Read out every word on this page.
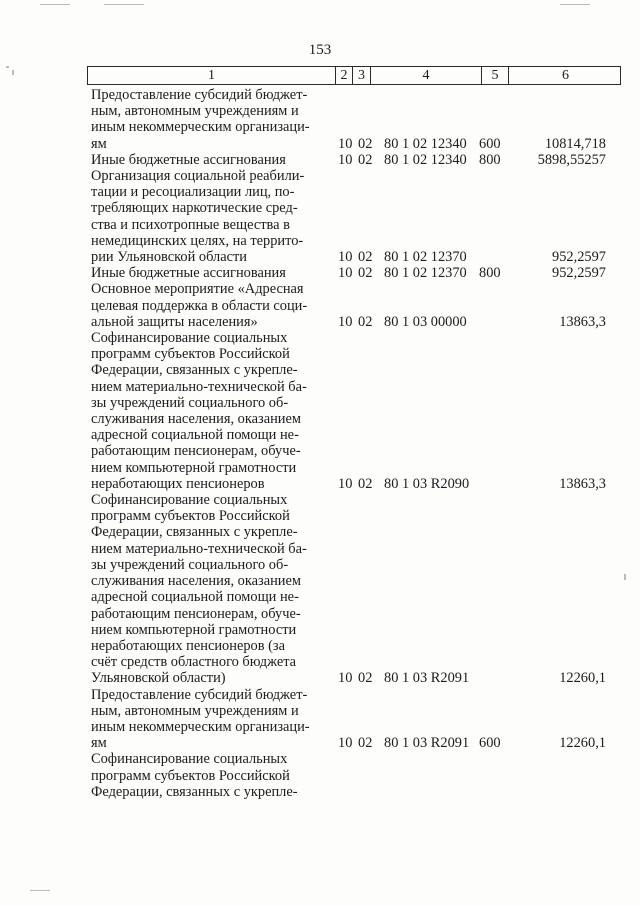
153
1	2 3	4	5	6
Предоставление субсидий бюджет-
ным, автономным учреждениям и
иным некоммерческим организаци-
ям	10 02 80 1 02 12340 600	10814,718
Иные бюджетные ассигнования	10 02 80 1 02 12340 800	5898,55257
Организация социальной реабили-
тации и ресоциализации лиц, по-
требляющих наркотические сред-
ства и психотропные вещества в
немедицинских целях, на террито-
рии Ульяновской области	10 02 80 1 02 12370	952,2597
Иные бюджетные ассигнования	10 02 80 1 02 12370 800	952,2597
Основное мероприятие «Адресная
целевая поддержка в области соци-
альной защиты населения»	10 02 80 1 03 00000	13863,3
Софинансирование социальных
программ субъектов Российской
Федерации, связанных с укрепле-
нием материально-технической ба-
зы учреждений социального об-
служивания населения, оказанием
адресной социальной помощи не-
работающим пенсионерам, обуче-
нием компьютерной грамотности
неработающих пенсионеров	10 02 80 1 03 R2090	13863,3
Софинансирование социальных
программ субъектов Российской
Федерации, связанных с укрепле-
нием материально-технической ба-
зы учреждений социального об-
служивания населения, оказанием
адресной социальной помощи не-
работающим пенсионерам, обуче-
нием компьютерной грамотности
неработающих пенсионеров (за
счёт средств областного бюджета
Ульяновской области)	10 02 80 1 03 R2091	12260,1
Предоставление субсидий бюджет-
ным, автономным учреждениям и
иным некоммерческим организаци-
ям	10 02 80 1 03 R2091 600	12260,1
Софинансирование социальных
программ субъектов Российской
Федерации, связанных с укрепле-
